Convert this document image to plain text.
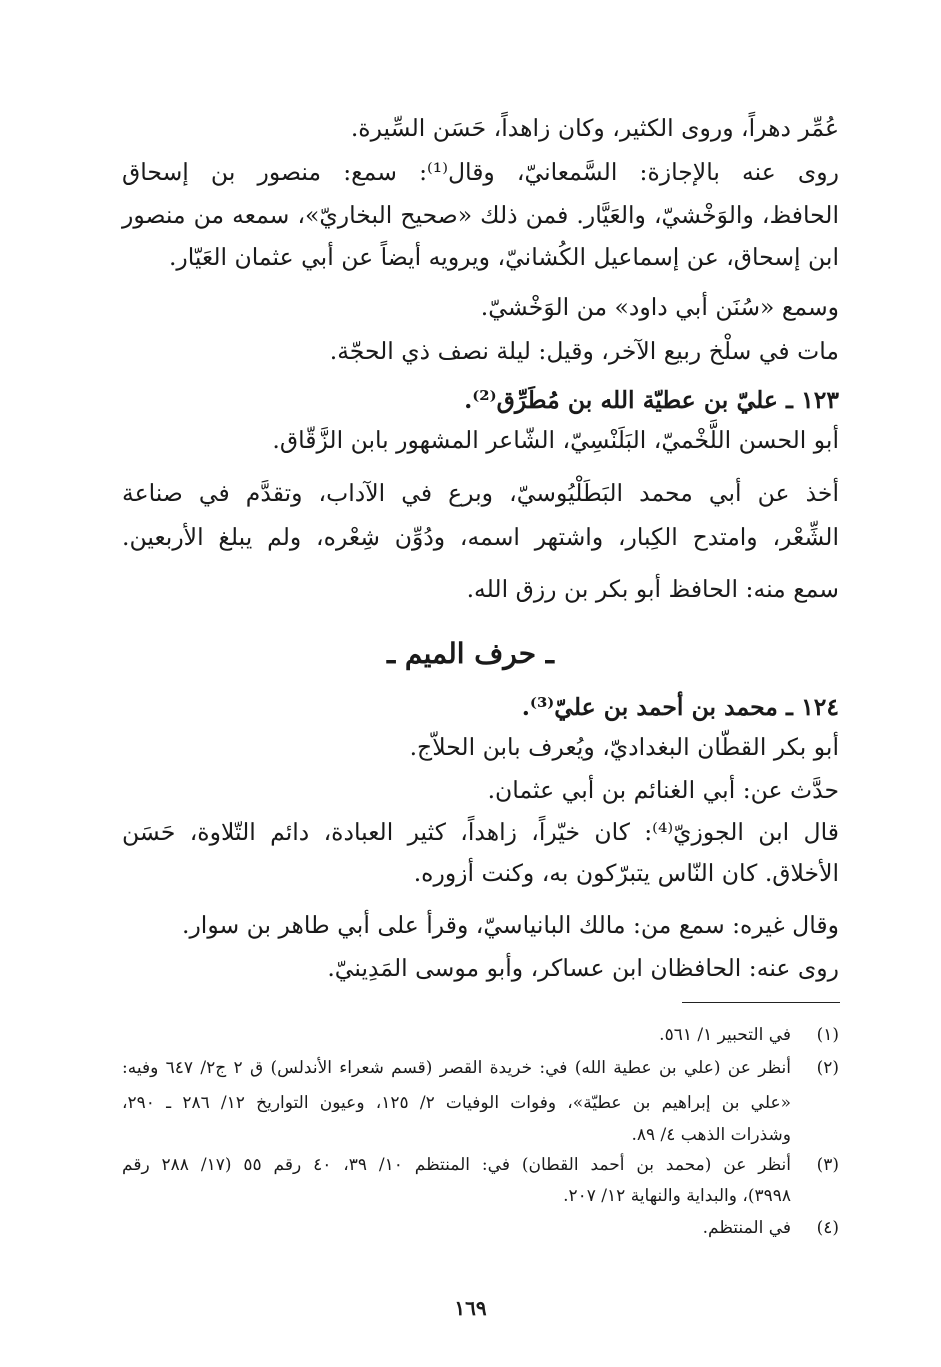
عُمِّر دهراً، وروى الكثير، وكان زاهداً، حَسَن السِّيرة.
روى عنه بالإجازة: السَّمعانيّ، وقال⁽¹⁾: سمع: منصور بن إسحاق
الحافظ، والوَخْشيّ، والعَيَّار. فمن ذلك «صحيح البخاريّ»، سمعه من منصور
ابن إسحاق، عن إسماعيل الكُشانيّ، ويرويه أيضاً عن أبي عثمان العَيّار.
وسمع «سُنَن أبي داود» من الوَخْشيّ.
مات في سلْخ ربيع الآخر، وقيل: ليلة نصف ذي الحجّة.
١٢٣ ـ عليّ بن عطيّة الله بن مُطَرِّق⁽²⁾.
أبو الحسن اللَّخْميّ، البَلَنْسِيّ، الشّاعر المشهور بابن الزَّقّاق.
أخذ عن أبي محمد البَطَلْيُوسيّ، وبرع في الآداب، وتقدَّم في صناعة
الشِّعْر، وامتدح الكِبار، واشتهر اسمه، ودُوِّن شِعْره، ولم يبلغ الأربعين.
سمع منه: الحافظ أبو بكر بن رزق الله.
ـ حرف الميم ـ
١٢٤ ـ محمد بن أحمد بن عليّ⁽³⁾.
أبو بكر القطّان البغداديّ، ويُعرف بابن الحلاّج.
حدَّث عن: أبي الغنائم بن أبي عثمان.
قال ابن الجوزيّ⁽⁴⁾: كان خيّراً، زاهداً، كثير العبادة، دائم التّلاوة، حَسَن
الأخلاق. كان النّاس يتبرّكون به، وكنت أزوره.
وقال غيره: سمع من: مالك البانياسيّ، وقرأ على أبي طاهر بن سوار.
روى عنه: الحافظان ابن عساكر، وأبو موسى المَدِينيّ.
(١)
في التحبير ١/ ٥٦١.
(٢)
أنظر عن (علي بن عطية الله) في: خريدة القصر (قسم شعراء الأندلس) ق ٢ ج٢/ ٦٤٧ وفيه:
«علي بن إبراهيم بن عطيّة»، وفوات الوفيات ٢/ ١٢٥، وعيون التواريخ ١٢/ ٢٨٦ ـ ٢٩٠،
وشذرات الذهب ٤/ ٨٩.
(٣)
أنظر عن (محمد بن أحمد القطان) في: المنتظم ١٠/ ٣٩، ٤٠ رقم ٥٥ (١٧/ ٢٨٨ رقم
٣٩٩٨)، والبداية والنهاية ١٢/ ٢٠٧.
(٤)
في المنتظم.
١٦٩
